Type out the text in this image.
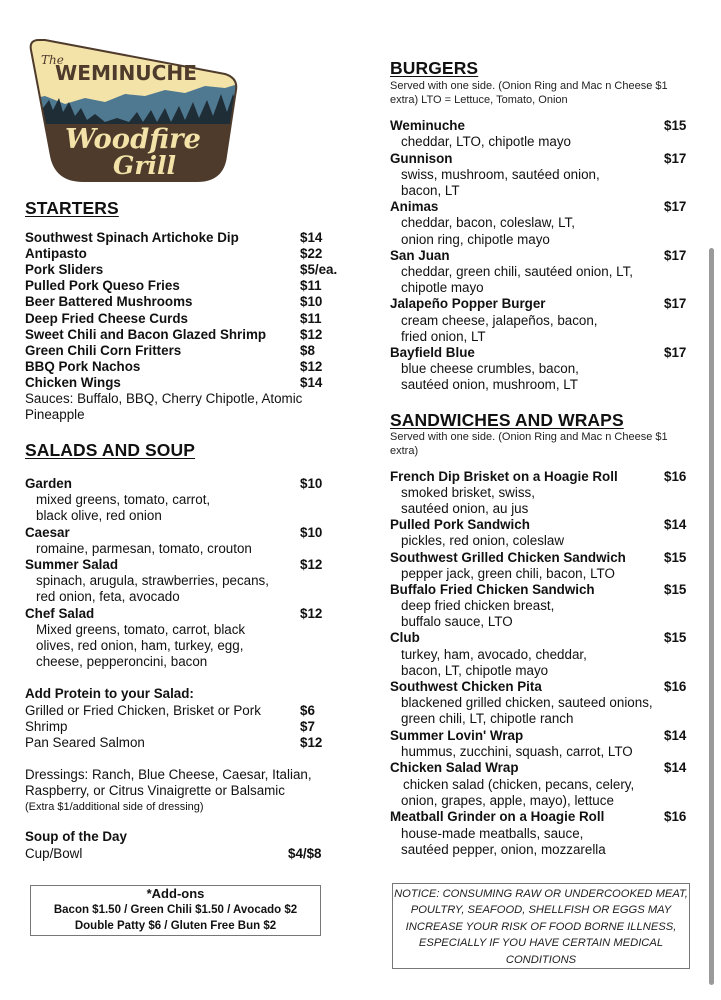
The
WEMINUCHE
Woodfire
Grill
STARTERS
Southwest Spinach Artichoke Dip	$14
Antipasto	$22
Pork Sliders	$5/ea.
Pulled Pork Queso Fries	$11
Beer Battered Mushrooms	$10
Deep Fried Cheese Curds	$11
Sweet Chili and Bacon Glazed Shrimp	$12
Green Chili Corn Fritters	$8
BBQ Pork Nachos	$12
Chicken Wings	$14
Sauces: Buffalo, BBQ, Cherry Chipotle, Atomic
Pineapple
SALADS AND SOUP
Garden	$10
mixed greens, tomato, carrot,
black olive, red onion
Caesar	$10
romaine, parmesan, tomato, crouton
Summer Salad	$12
spinach, arugula, strawberries, pecans,
red onion, feta, avocado
Chef Salad	$12
Mixed greens, tomato, carrot, black
olives, red onion, ham, turkey, egg,
cheese, pepperoncini, bacon
Add Protein to your Salad:
Grilled or Fried Chicken, Brisket or Pork	$6
Shrimp	$7
Pan Seared Salmon	$12
Dressings: Ranch, Blue Cheese, Caesar, Italian,
Raspberry, or Citrus Vinaigrette or Balsamic
(Extra $1/additional side of dressing)
Soup of the Day
Cup/Bowl	$4/$8
*Add-ons
Bacon $1.50 / Green Chili $1.50 / Avocado $2
Double Patty $6 / Gluten Free Bun $2
BURGERS
Served with one side. (Onion Ring and Mac n Cheese $1
extra) LTO = Lettuce, Tomato, Onion
Weminuche	$15
cheddar, LTO, chipotle mayo
Gunnison	$17
swiss, mushroom, sautéed onion,
bacon, LT
Animas	$17
cheddar, bacon, coleslaw, LT,
onion ring, chipotle mayo
San Juan	$17
cheddar, green chili, sautéed onion, LT,
chipotle mayo
Jalapeño Popper Burger	$17
cream cheese, jalapeños, bacon,
fried onion, LT
Bayfield Blue	$17
blue cheese crumbles, bacon,
sautéed onion, mushroom, LT
SANDWICHES AND WRAPS
Served with one side. (Onion Ring and Mac n Cheese $1
extra)
French Dip Brisket on a Hoagie Roll	$16
smoked brisket, swiss,
sautéed onion, au jus
Pulled Pork Sandwich	$14
pickles, red onion, coleslaw
Southwest Grilled Chicken Sandwich	$15
pepper jack, green chili, bacon, LTO
Buffalo Fried Chicken Sandwich	$15
deep fried chicken breast,
buffalo sauce, LTO
Club	$15
turkey, ham, avocado, cheddar,
bacon, LT, chipotle mayo
Southwest Chicken Pita	$16
blackened grilled chicken, sauteed onions,
green chili, LT, chipotle ranch
Summer Lovin' Wrap	$14
hummus, zucchini, squash, carrot, LTO
Chicken Salad Wrap	$14
chicken salad (chicken, pecans, celery,
onion, grapes, apple, mayo), lettuce
Meatball Grinder on a Hoagie Roll	$16
house-made meatballs, sauce,
sautéed pepper, onion, mozzarella
NOTICE: CONSUMING RAW OR UNDERCOOKED MEAT,
POULTRY, SEAFOOD, SHELLFISH OR EGGS MAY
INCREASE YOUR RISK OF FOOD BORNE ILLNESS,
ESPECIALLY IF YOU HAVE CERTAIN MEDICAL
CONDITIONS
